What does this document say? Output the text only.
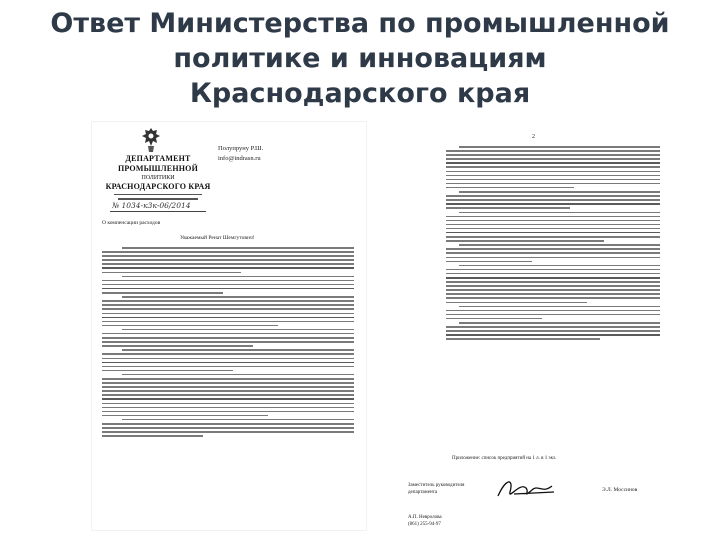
Ответ Министерства по промышленной
политике и инновациям
Краснодарского края
ДЕПАРТАМЕНТ
ПРОМЫШЛЕННОЙ
ПОЛИТИКИ
КРАСНОДАРСКОГО КРАЯ
№ 1034-к3к-06/2014
Полупруну Р.Ш.
info@indrasn.ru
О компенсации расходов
Уважаемый Ренат Шемгутович!
2
Приложение: список предприятий на 1 л. в 1 экз.
Заместитель руководителя департамента	Э.Л. Моссинов
А.П. Невролова
(861) 255-94-97
